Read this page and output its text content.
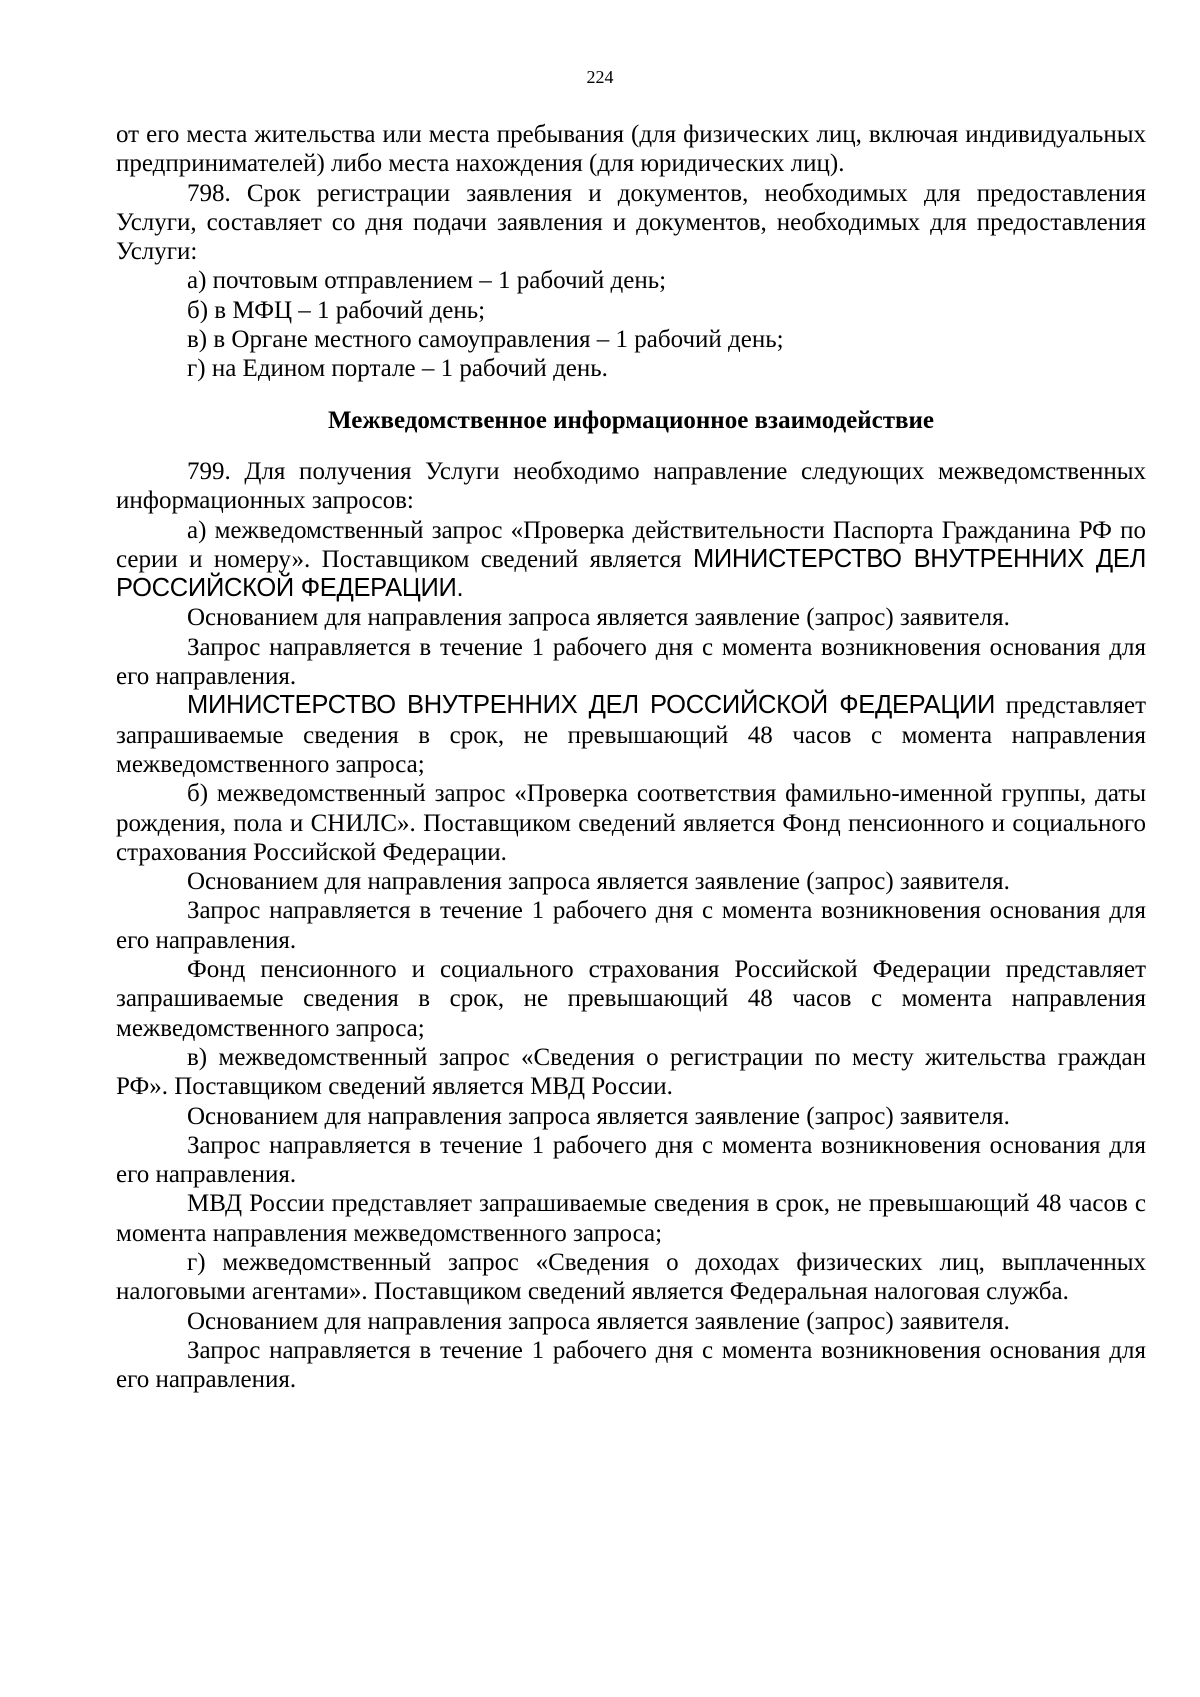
224

от его места жительства или места пребывания (для физических лиц, включая индивидуальных предпринимателей) либо места нахождения (для юридических лиц).

798. Срок регистрации заявления и документов, необходимых для предоставления Услуги, составляет со дня подачи заявления и документов, необходимых для предоставления Услуги:

а) почтовым отправлением – 1 рабочий день;

б) в МФЦ – 1 рабочий день;

в) в Органе местного самоуправления – 1 рабочий день;

г) на Едином портале – 1 рабочий день.

Межведомственное информационное взаимодействие

799. Для получения Услуги необходимо направление следующих межведомственных информационных запросов:

а) межведомственный запрос «Проверка действительности Паспорта Гражданина РФ по серии и номеру». Поставщиком сведений является МИНИСТЕРСТВО ВНУТРЕННИХ ДЕЛ РОССИЙСКОЙ ФЕДЕРАЦИИ.

Основанием для направления запроса является заявление (запрос) заявителя.

Запрос направляется в течение 1 рабочего дня с момента возникновения основания для его направления.

МИНИСТЕРСТВО ВНУТРЕННИХ ДЕЛ РОССИЙСКОЙ ФЕДЕРАЦИИ представляет запрашиваемые сведения в срок, не превышающий 48 часов с момента направления межведомственного запроса;

б) межведомственный запрос «Проверка соответствия фамильно-именной группы, даты рождения, пола и СНИЛС». Поставщиком сведений является Фонд пенсионного и социального страхования Российской Федерации.

Основанием для направления запроса является заявление (запрос) заявителя.

Запрос направляется в течение 1 рабочего дня с момента возникновения основания для его направления.

Фонд пенсионного и социального страхования Российской Федерации представляет запрашиваемые сведения в срок, не превышающий 48 часов с момента направления межведомственного запроса;

в) межведомственный запрос «Сведения о регистрации по месту жительства граждан РФ». Поставщиком сведений является МВД России.

Основанием для направления запроса является заявление (запрос) заявителя.

Запрос направляется в течение 1 рабочего дня с момента возникновения основания для его направления.

МВД России представляет запрашиваемые сведения в срок, не превышающий 48 часов с момента направления межведомственного запроса;

г) межведомственный запрос «Сведения о доходах физических лиц, выплаченных налоговыми агентами». Поставщиком сведений является Федеральная налоговая служба.

Основанием для направления запроса является заявление (запрос) заявителя.

Запрос направляется в течение 1 рабочего дня с момента возникновения основания для его направления.
